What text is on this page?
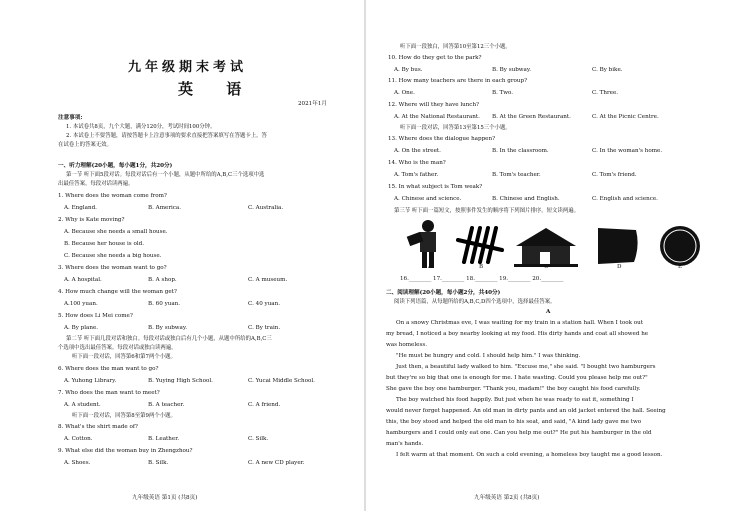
九年级期末考试
英 语
2021年1月
注意事项:
1. 本试卷共8页，九个大题，满分120分，考试时间100分钟。
2. 本试卷上不要答题，请按答题卡上注意事项的要求直接把答案填写在答题卡上。答
在试卷上的答案无效。
一、听力理解(20小题，每小题1分，共20分)
第一节 听下面5段对话。每段对话后有一个小题，从题中所给的A,B,C三个选项中选
出最佳答案。每段对话读两遍。
1. Where does the woman come from?
A. England.	B. America.	C. Australia.
2. Why is Kate moving?
A. Because she needs a small house.
B. Because her house is old.
C. Because she needs a big house.
3. Where does the woman want to go?
A. A hospital.	B. A shop.	C. A museum.
4. How much change will the woman get?
A.100 yuan.	B. 60 yuan.	C. 40 yuan.
5. How does Li Mei come?
A. By plane.	B. By subway.	C. By train.
第二节 听下面几段对话和独白。每段对话或独白后有几个小题，从题中所给的A,B,C三
个选项中选出最佳答案。每段对话或独白读两遍。
听下面一段对话，回答第6和第7两个小题。
6. Where does the man want to go?
A. Yuhong Library.	B. Yuying High School.	C. Yucai Middle School.
7. Who does the man want to meet?
A. A student.	B. A teacher.	C. A friend.
听下面一段对话，回答第8至第9两个小题。
8. What's the shirt made of?
A. Cotton.	B. Leather.	C. Silk.
9. What else did the woman buy in Zhengzhou?
A. Shoes.	B. Silk.	C. A new CD player.
九年级英语 第1页 (共8页)
听下面一段独白，回答第10至第12三个小题。
10. How do they get to the park?
A. By bus.	B. By subway.	C. By bike.
11. How many teachers are there in each group?
A. One.	B. Two.	C. Three.
12. Where will they have lunch?
A. At the National Restaurant. B. At the Green Restaurant.	C. At the Picnic Centre.
听下面一段对话，回答第13至第15三个小题。
13. Where does the dialogue happen?
A. On the street.	B. In the classroom.	C. In the woman's home.
14. Who is the man?
A. Tom's father.	B. Tom's teacher.	C. Tom's friend.
15. In what subject is Tom weak?
A. Chinese and science.	B. Chinese and English.	C. English and science.
第三节 听下面一篇短文，按照事件发生的顺序将下列图片排序。短文读两遍。
A	B	C	D	E
16.________ 17.________ 18.________ 19.________ 20.________
二、阅读理解(20小题，每小题2分，共40分)
阅读下列语篇，从每题所给的A,B,C,D四个选项中，选择最佳答案。
A
On a snowy Christmas eve, I was waiting for my train in a station hall. When I took out
my bread, I noticed a boy nearby looking at my food. His dirty hands and coat all showed he
was homeless.
"He must be hungry and cold. I should help him." I was thinking.
Just then, a beautiful lady walked to him. "Excuse me," she said. "I bought two hamburgers
but they're so big that one is enough for me. I hate wasting. Could you please help me out?"
She gave the boy one hamburger. "Thank you, madam!" the boy caught his food carefully.
The boy watched his food happily. But just when he was ready to eat it, something I
would never forget happened. An old man in dirty pants and an old jacket entered the hall. Seeing
this, the boy stood and helped the old man to his seat, and said, "A kind lady gave me two
hamburgers and I could only eat one. Can you help me out?" He put his hamburger in the old
man's hands.
I felt warm at that moment. On such a cold evening, a homeless boy taught me a good lesson.
九年级英语 第2页 (共8页)
